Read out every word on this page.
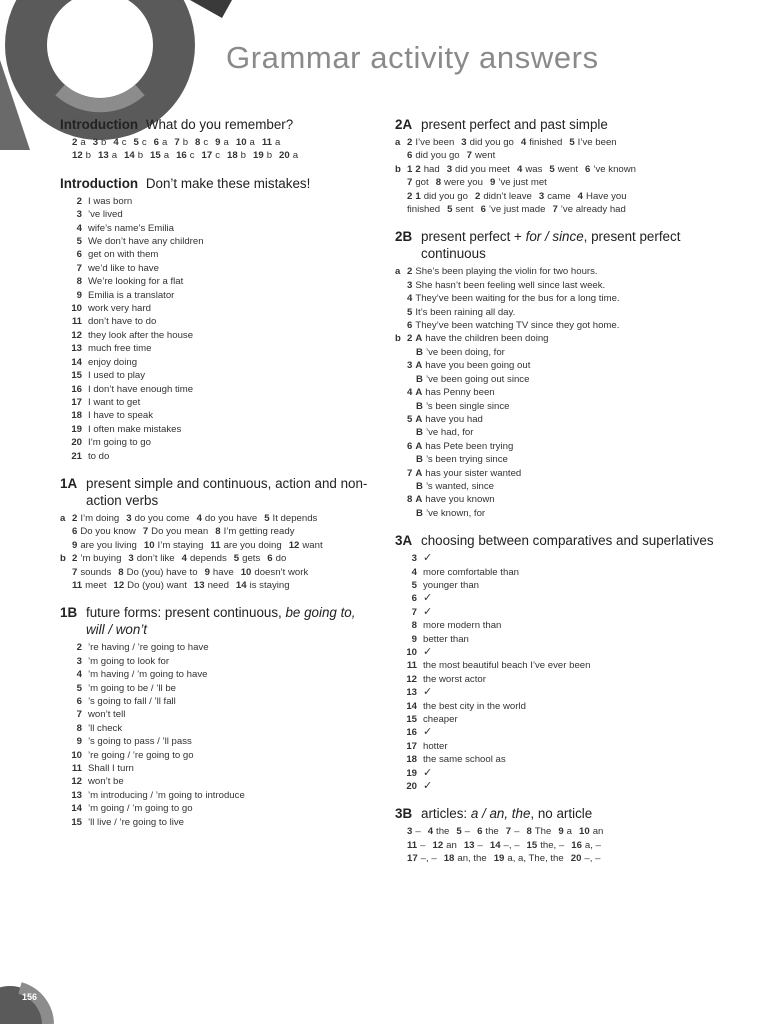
Grammar activity answers
156
Introduction What do you remember?
2 a 3 b 4 c 5 c 6 a 7 b 8 c 9 a 10 a 11 a
12 b 13 a 14 b 15 a 16 c 17 c 18 b 19 b 20 a
Introduction Don’t make these mistakes!
2 I was born
3 ’ve lived
4 wife’s name’s Emilia
5 We don’t have any children
6 get on with them
7 we’d like to have
8 We’re looking for a flat
9 Emilia is a translator
10 work very hard
11 don’t have to do
12 they look after the house
13 much free time
14 enjoy doing
15 I used to play
16 I don’t have enough time
17 I want to get
18 I have to speak
19 I often make mistakes
20 I’m going to go
21 to do
1A present simple and continuous, action and non-action verbs
a 2 I’m doing 3 do you come 4 do you have 5 It depends
6 Do you know 7 Do you mean 8 I’m getting ready
9 are you living 10 I’m staying 11 are you doing 12 want
b 2 ’m buying 3 don’t like 4 depends 5 gets 6 do
7 sounds 8 Do (you) have to 9 have 10 doesn’t work
11 meet 12 Do (you) want 13 need 14 is staying
1B future forms: present continuous, be going to, will / won’t
2 ’re having / ’re going to have
3 ’m going to look for
4 ’m having / ’m going to have
5 ’m going to be / ’ll be
6 ’s going to fall / ’ll fall
7 won’t tell
8 ’ll check
9 ’s going to pass / ’ll pass
10 ’re going / ’re going to go
11 Shall I turn
12 won’t be
13 ’m introducing / ’m going to introduce
14 ’m going / ’m going to go
15 ’ll live / ’re going to live
2A present perfect and past simple
a 2 I’ve been 3 did you go 4 finished 5 I’ve been
6 did you go 7 went
b 1 2 had 3 did you meet 4 was 5 went 6 ’ve known
7 got 8 were you 9 ’ve just met
2 1 did you go 2 didn’t leave 3 came 4 Have you
finished 5 sent 6 ’ve just made 7 ’ve already had
2B present perfect + for / since, present perfect continuous
a 2 She’s been playing the violin for two hours.
3 She hasn’t been feeling well since last week.
4 They’ve been waiting for the bus for a long time.
5 It’s been raining all day.
6 They’ve been watching TV since they got home.
b 2 A have the children been doing
B ’ve been doing, for
3 A have you been going out
B ’ve been going out since
4 A has Penny been
B ’s been single since
5 A have you had
B ’ve had, for
6 A has Pete been trying
B ’s been trying since
7 A has your sister wanted
B ’s wanted, since
8 A have you known
B ’ve known, for
3A choosing between comparatives and superlatives
3 ✓
4 more comfortable than
5 younger than
6 ✓
7 ✓
8 more modern than
9 better than
10 ✓
11 the most beautiful beach I’ve ever been
12 the worst actor
13 ✓
14 the best city in the world
15 cheaper
16 ✓
17 hotter
18 the same school as
19 ✓
20 ✓
3B articles: a / an, the, no article
3 – 4 the 5 – 6 the 7 – 8 The 9 a 10 an
11 – 12 an 13 – 14 –, – 15 the, – 16 a, –
17 –, – 18 an, the 19 a, a, The, the 20 –, –
